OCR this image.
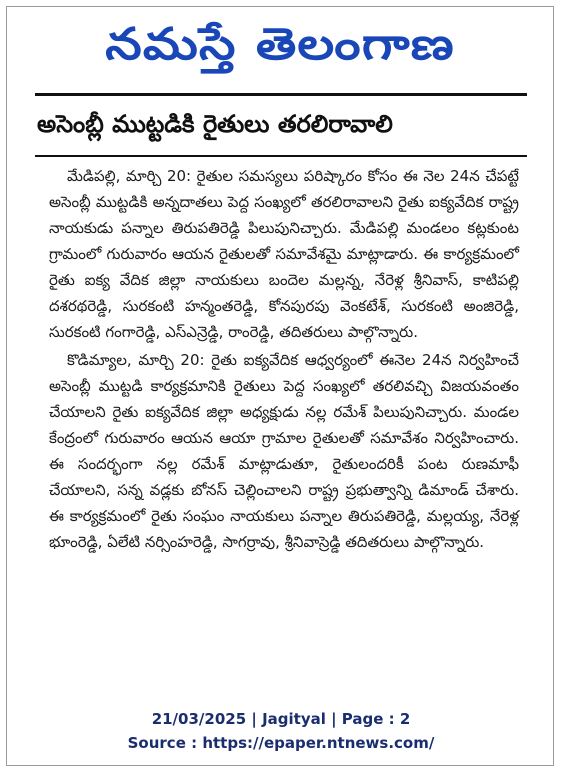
నమస్తే తెలంగాణ
అసెంబ్లీ ముట్టడికి రైతులు తరలిరావాలి

మేడిపల్లి, మార్చి 20: రైతుల సమస్యలు పరిష్కారం కోసం ఈ నెల 24న చేపట్టే అసెంబ్లీ ముట్టడికి అన్నదాతలు పెద్ద సంఖ్యలో తరలిరావాలని రైతు ఐక్యవేదిక రాష్ట్ర నాయకుడు పన్నాల తిరుపతిరెడ్డి పిలుపునిచ్చారు. మేడిపల్లి మండలం కట్లకుంట గ్రామంలో గురువారం ఆయన రైతులతో సమావేశమై మాట్లాడారు. ఈ కార్యక్రమంలో రైతు ఐక్య వేదిక జిల్లా నాయకులు బందెల మల్లన్న, నేరెళ్ల శ్రీనివాస్, కాటిపల్లి దశరథరెడ్డి, సురకంటి హన్మంతరెడ్డి, కోనపురపు వెంకటేశ్, సురకంటి అంజిరెడ్డి, సురకంటి గంగారెడ్డి, ఎస్ఎన్రెడ్డి, రాంరెడ్డి, తదితరులు పాల్గొన్నారు.

కొడిమ్యాల, మార్చి 20: రైతు ఐక్యవేదిక ఆధ్వర్యంలో ఈనెల 24న నిర్వహించే అసెంబ్లీ ముట్టడి కార్యక్రమానికి రైతులు పెద్ద సంఖ్యలో తరలివచ్చి విజయవంతం చేయాలని రైతు ఐక్యవేదిక జిల్లా అధ్యక్షుడు నల్ల రమేశ్ పిలుపునిచ్చారు. మండల కేంద్రంలో గురువారం ఆయన ఆయా గ్రామాల రైతులతో సమావేశం నిర్వహించారు. ఈ సందర్భంగా నల్ల రమేశ్ మాట్లాడుతూ, రైతులందరికీ పంట రుణమాఫీ చేయాలని, సన్న వడ్లకు బోనస్ చెల్లించాలని రాష్ట్ర ప్రభుత్వాన్ని డిమాండ్ చేశారు. ఈ కార్యక్రమంలో రైతు సంఘం నాయకులు పన్నాల తిరుపతిరెడ్డి, మల్లయ్య, నేరెళ్ల భూంరెడ్డి, ఏలేటి నర్సింహరెడ్డి, సాగర్రావు, శ్రీనివాస్రెడ్డి తదితరులు పాల్గొన్నారు.

21/03/2025 | Jagityal | Page : 2
Source : https://epaper.ntnews.com/
